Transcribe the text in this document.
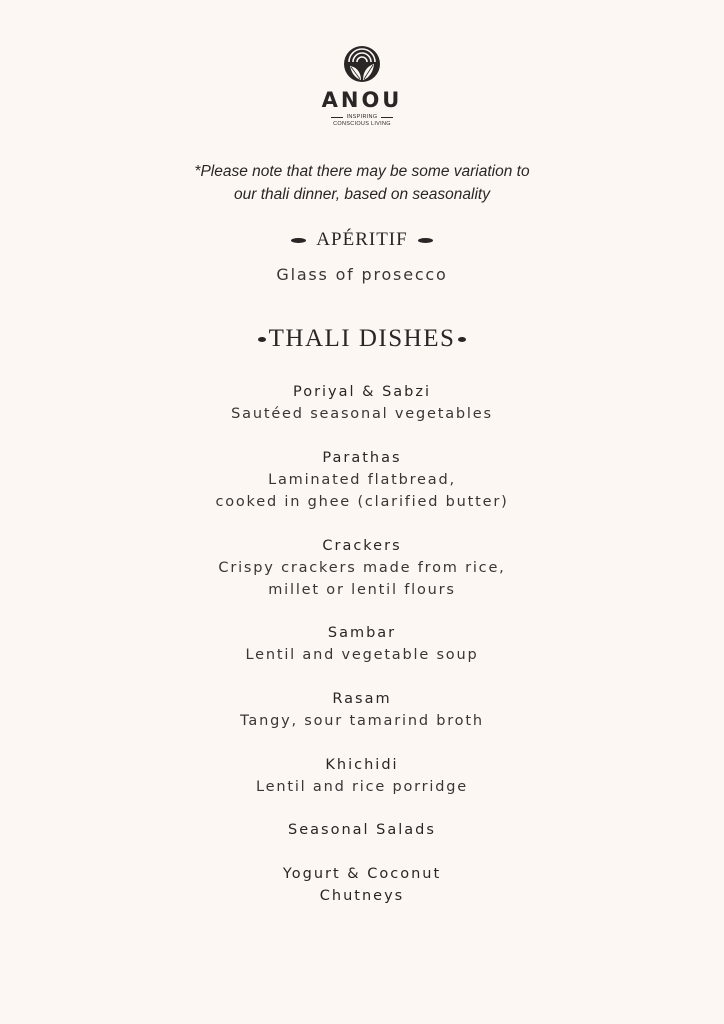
ANOU
INSPIRING
CONSCIOUS LIVING
*Please note that there may be some variation to
our thali dinner, based on seasonality
APÉRITIF
Glass of prosecco
THALI DISHES
Poriyal & Sabzi
Sautéed seasonal vegetables
Parathas
Laminated flatbread,
cooked in ghee (clarified butter)
Crackers
Crispy crackers made from rice,
millet or lentil flours
Sambar
Lentil and vegetable soup
Rasam
Tangy, sour tamarind broth
Khichidi
Lentil and rice porridge
Seasonal Salads
Yogurt & Coconut
Chutneys
